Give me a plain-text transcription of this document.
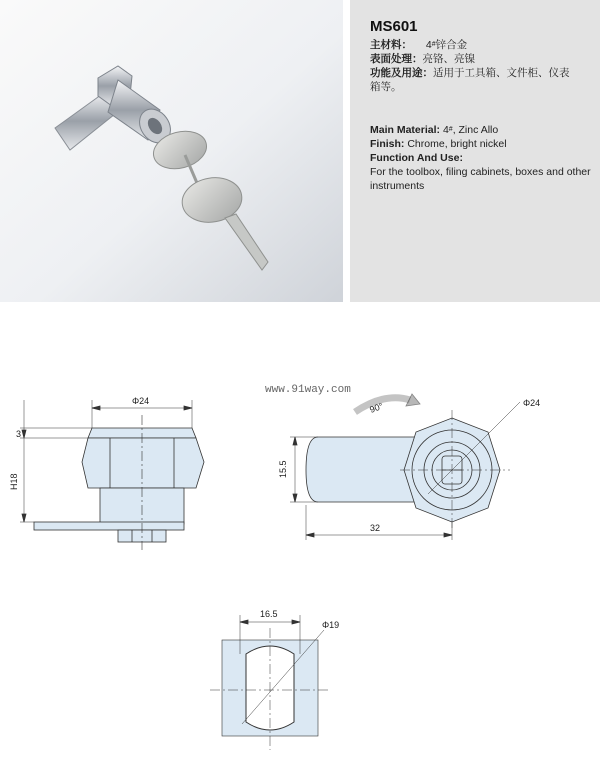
MS601
主材料： 4#锌合金
表面处理：亮铬、亮镍
功能及用途：适用于工具箱、文件柜、仪表
箱等。
Main Material: 4#, Zinc Allo
Finish: Chrome, bright nickel
Function And Use:
For the toolbox, filing cabinets, boxes and other instruments
www.91way.com
Φ24
3
H18
90°	Φ24
15.5
32
16.5
Φ19
